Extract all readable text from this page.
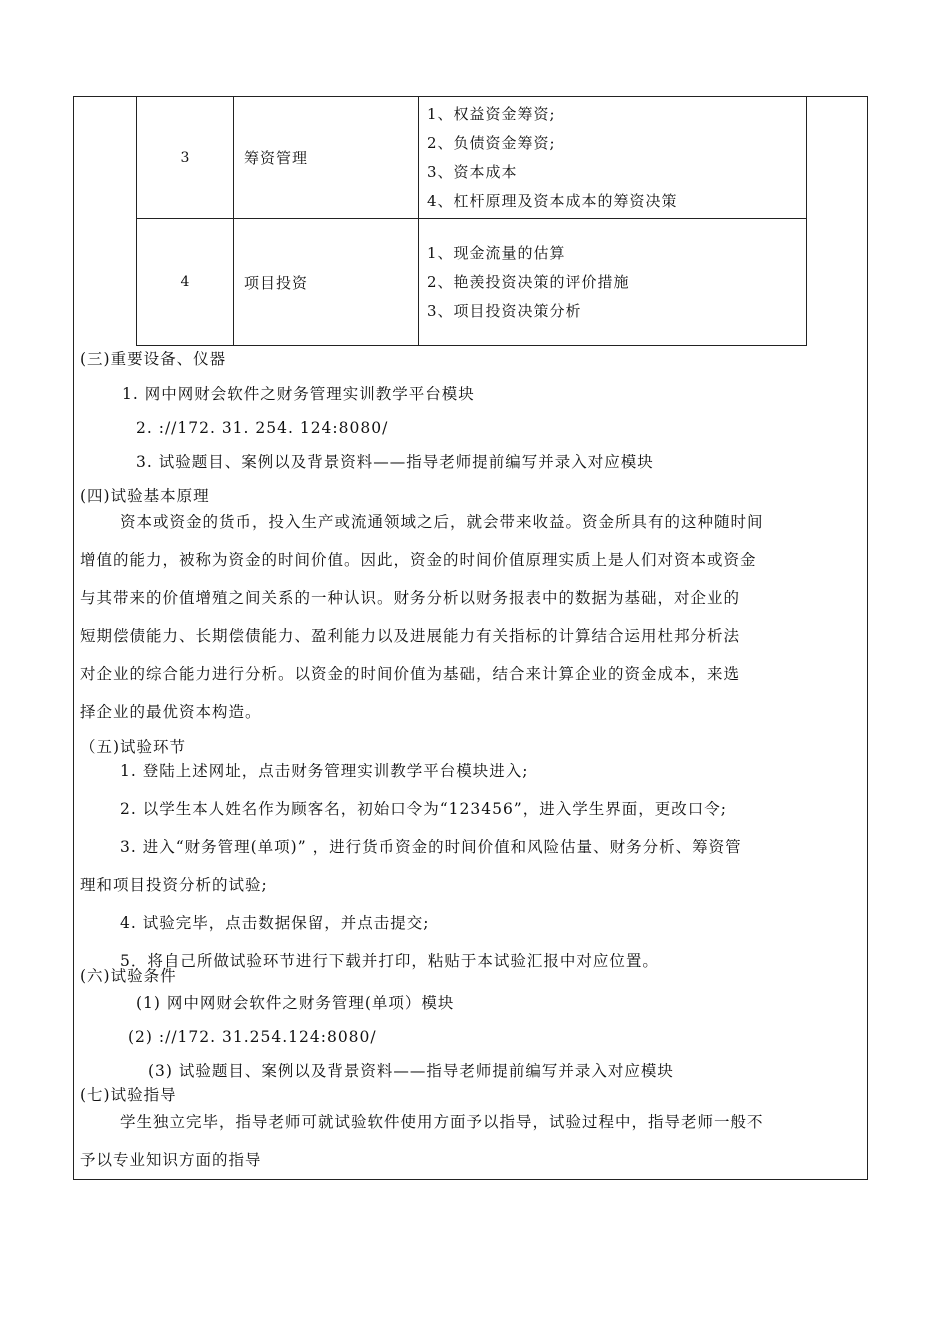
3	筹资管理	1、权益资金筹资;
2、负债资金筹资;
3、资本成本
4、杠杆原理及资本成本的筹资决策

4	项目投资	1、现金流量的估算
2、艳羡投资决策的评价措施
3、项目投资决策分析
(三)重要设备、仪器
1. 网中网财会软件之财务管理实训教学平台模块
2. ://172. 31. 254. 124:8080/
3. 试验题目、案例以及背景资料——指导老师提前编写并录入对应模块
(四)试验基本原理
资本或资金的货币，投入生产或流通领域之后，就会带来收益。资金所具有的这种随时间
增值的能力，被称为资金的时间价值。因此，资金的时间价值原理实质上是人们对资本或资金
与其带来的价值增殖之间关系的一种认识。财务分析以财务报表中的数据为基础，对企业的
短期偿债能力、长期偿债能力、盈利能力以及进展能力有关指标的计算结合运用杜邦分析法
对企业的综合能力进行分析。以资金的时间价值为基础，结合来计算企业的资金成本，来选
择企业的最优资本构造。
（五)试验环节
1. 登陆上述网址，点击财务管理实训教学平台模块进入;
2. 以学生本人姓名作为顾客名，初始口令为“123456”，进入学生界面，更改口令;
3. 进入“财务管理(单项)” ，进行货币资金的时间价值和风险估量、财务分析、筹资管
理和项目投资分析的试验;
4. 试验完毕，点击数据保留，并点击提交;
5．将自己所做试验环节进行下载并打印，粘贴于本试验汇报中对应位置。
(六)试验条件
(1) 网中网财会软件之财务管理(单项）模块
(2) ://172. 31.254.124:8080/
(3) 试验题目、案例以及背景资料——指导老师提前编写并录入对应模块
(七)试验指导
学生独立完毕，指导老师可就试验软件使用方面予以指导，试验过程中，指导老师一般不
予以专业知识方面的指导
